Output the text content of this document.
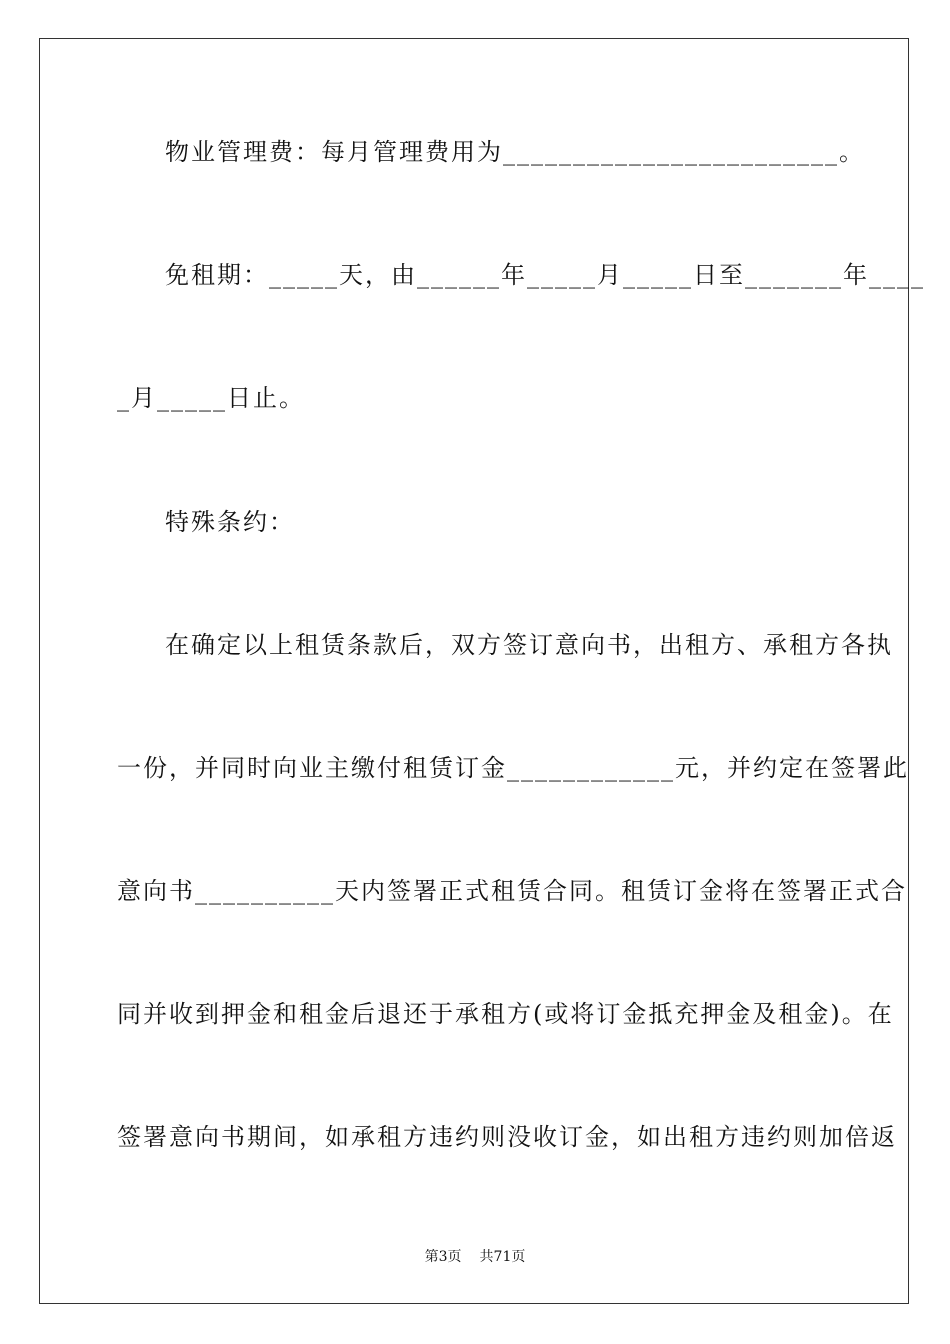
物业管理费：每月管理费用为________________________。
免租期：_____天，由______年_____月_____日至_______年____
_月_____日止。
特殊条约：
在确定以上租赁条款后，双方签订意向书，出租方、承租方各执
一份，并同时向业主缴付租赁订金____________元，并约定在签署此
意向书__________天内签署正式租赁合同。租赁订金将在签署正式合
同并收到押金和租金后退还于承租方(或将订金抵充押金及租金)。在
签署意向书期间，如承租方违约则没收订金，如出租方违约则加倍返
第3页 共71页
